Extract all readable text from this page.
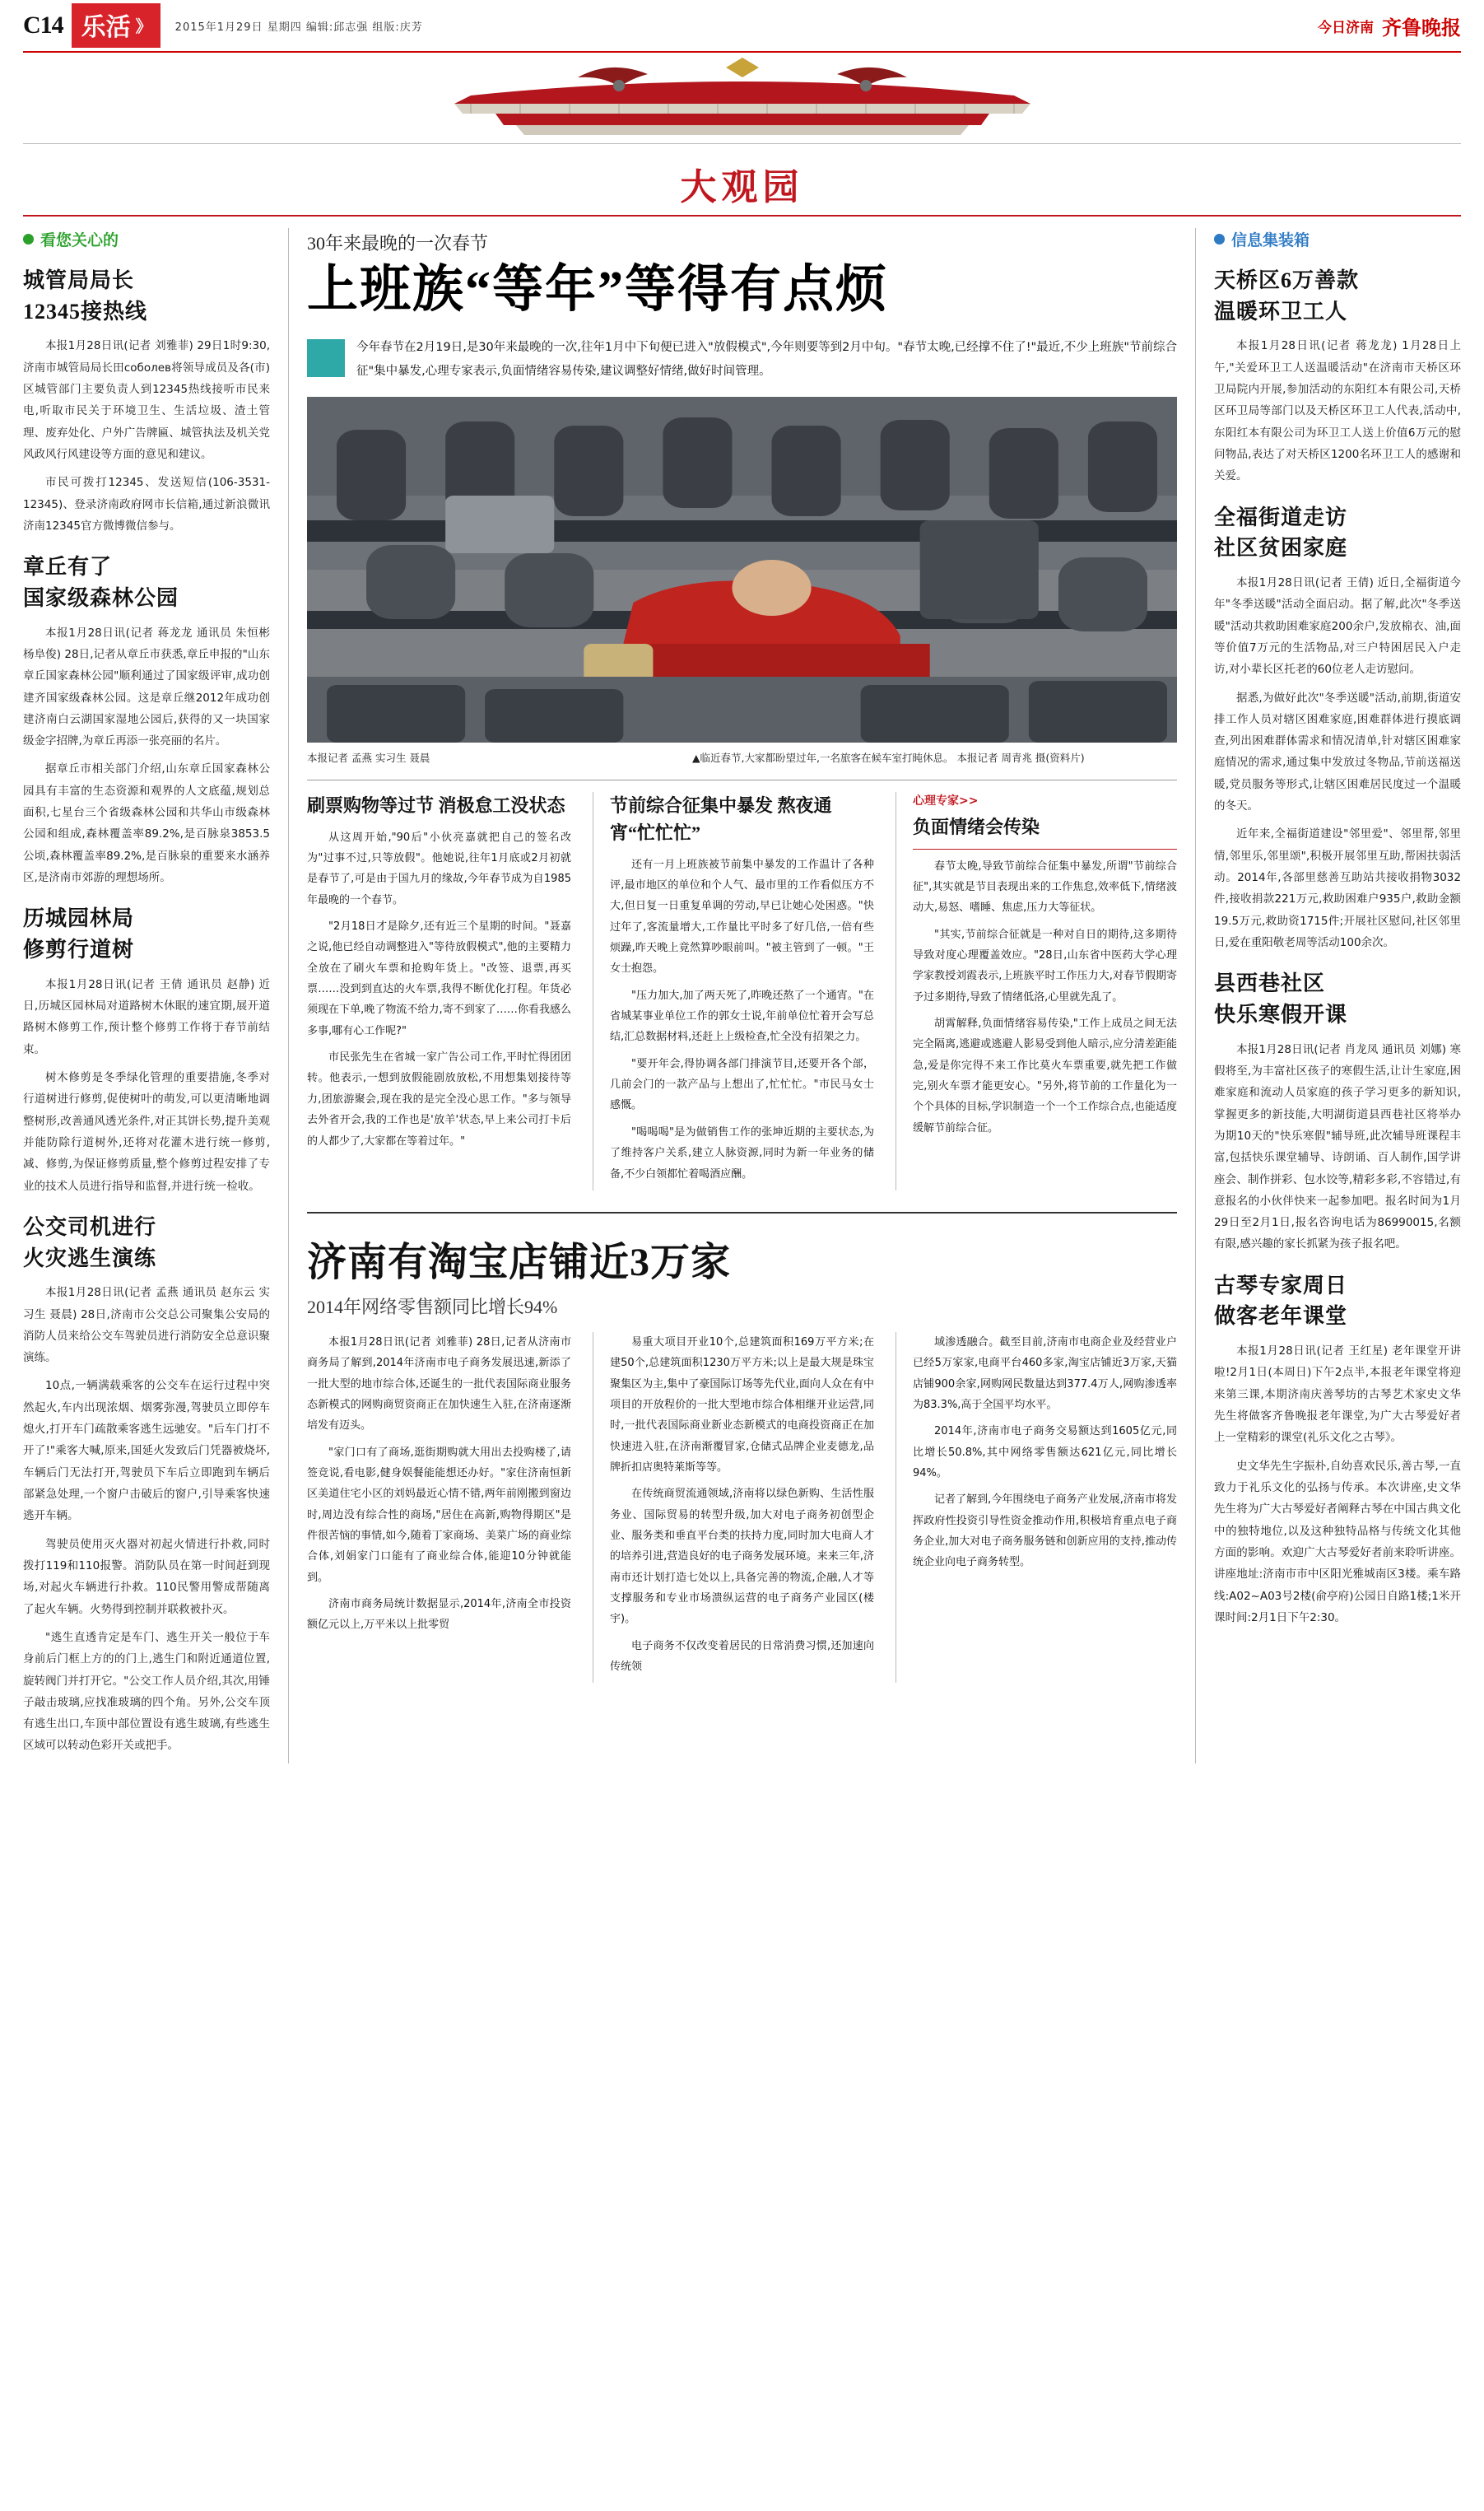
C14 乐活 》 2015年1月29日 星期四 编辑:邱志强 组版:庆芳	今日济南 齐鲁晚报
大观园
看您关心的
城管局局长
12345接热线

本报1月28日讯(记者 刘雅菲) 29日1时9:30,济南市城管局局长田соболев将领导成员及各(市)区城管部门主要负责人到12345热线接听市民来电,听取市民关于环境卫生、生活垃圾、渣土管理、废弃处化、户外广告牌匾、城管执法及机关党风政风行风建设等方面的意见和建议。

市民可拨打12345、发送短信(106-3531-12345)、登录济南政府网市长信箱,通过新浪微讯济南12345官方微博微信参与。

章丘有了
国家级森林公园

本报1月28日讯(记者 蒋龙龙 通讯员 朱恒彬 杨阜俊) 28日,记者从章丘市获悉,章丘申报的"山东章丘国家森林公园"顺利通过了国家级评审,成功创建齐国家级森林公园。这是章丘继2012年成功创建济南白云湖国家湿地公园后,获得的又一块国家级金字招牌,为章丘再添一张亮丽的名片。

据章丘市相关部门介绍,山东章丘国家森林公园具有丰富的生态资源和观界的人文底蕴,规划总面积,七星台三个省级森林公园和共华山市级森林公园和组成,森林覆盖率89.2%,是百脉泉3853.5公顷,森林覆盖率89.2%,是百脉泉的重要来水涵养区,是济南市郊游的理想场所。

历城园林局
修剪行道树

本报1月28日讯(记者 王倩 通讯员 赵静) 近日,历城区园林局对道路树木休眠的速宜期,展开道路树木修剪工作,预计整个修剪工作将于春节前结束。

树木修剪是冬季绿化管理的重要措施,冬季对行道树进行修剪,促使树叶的萌发,可以更清晰地调整树形,改善通风透光条件,对正其饼长势,提升美观并能防除行道树外,还将对花灌木进行统一修剪,减、修剪,为保证修剪质量,整个修剪过程安排了专业的技术人员进行指导和监督,并进行统一检收。

公交司机进行
火灾逃生演练

本报1月28日讯(记者 孟燕 通讯员 赵东云 实习生 聂晨) 28日,济南市公交总公司聚集公安局的消防人员来给公交车驾驶员进行消防安全总意识聚演练。

10点,一辆满载乘客的公交车在运行过程中突然起火,车内出现浓烟、烟雾弥漫,驾驶员立即停车熄火,打开车门疏散乘客逃生远驰安。"后车门打不开了!"乘客大喊,原来,国延火发致后门凭器被烧坏,车辆后门无法打开,驾驶员下车后立即跑到车辆后部紧急处理,一个窗户击破后的窗户,引导乘客快速逃开车辆。

驾驶员使用灭火器对初起火情进行扑救,同时拨打119和110报警。消防队员在第一时间赶到现场,对起火车辆进行扑救。110民警用警成帮随离了起火车辆。火势得到控制并联救被扑灭。

"逃生直透肯定是车门、逃生开关一般位于车身前后门框上方的的门上,逃生门和附近通道位置,旋转阀门并打开它。"公交工作人员介绍,其次,用锤子敲击玻璃,应找准玻璃的四个角。另外,公交车顶有逃生出口,车顶中部位置设有逃生玻璃,有些逃生区域可以转动色彩开关或把手。

30年来最晚的一次春节
上班族“等年”等得有点烦
今年春节在2月19日,是30年来最晚的一次,往年1月中下旬便已进入"放假模式",今年则要等到2月中旬。"春节太晚,已经撑不住了!"最近,不少上班族"节前综合征"集中暴发,心理专家表示,负面情绪容易传染,建议调整好情绪,做好时间管理。
本报记者 孟燕 实习生 聂晨	▲临近春节,大家都盼望过年,一名旅客在候车室打盹休息。 本报记者 周青兆 摄(资料片)
刷票购物等过节 消极怠工没状态

从这周开始,"90后"小伙亮嘉就把自己的签名改为"过事不过,只等放假"。他她说,往年1月底或2月初就是春节了,可是由于国九月的缘故,今年春节成为自1985年最晚的一个春节。

"2月18日才是除夕,还有近三个星期的时间。"聂嘉之说,他已经自动调整进入"等待放假模式",他的主要精力全放在了刷火车票和抢购年货上。"改签、退票,再买票……没到到直达的火车票,我得不断优化打程。年货必须现在下单,晚了物流不给力,寄不到家了……你看我感么多事,哪有心工作呢?"

市民张先生在省城一家广告公司工作,平时忙得团团转。他表示,一想到放假能剧放放松,不用想集划接待等力,团旅游聚会,现在我的是完全没心思工作。"多与领导去外省开会,我的工作也是'放羊'状态,早上来公司打卡后的人都少了,大家都在等着过年。"

节前综合征集中暴发 熬夜通宵“忙忙忙”

还有一月上班族被节前集中暴发的工作温计了各种评,最市地区的单位和个人气、最市里的工作看似压方不大,但日复一日重复单调的劳动,早已让她心处困惑。"快过年了,客流量增大,工作量比平时多了好几倍,一倍有些烦躁,昨天晚上竟然算吵眼前叫。"被主管到了一顿。"王女士抱怨。

"压力加大,加了两天死了,昨晚还熬了一个通宵。"在省城某事业单位工作的郭女士说,年前单位忙着开会写总结,汇总数据材料,还赶上上级检查,忙全没有招架之力。

"要开年会,得协调各部门排演节目,还要开各个部，几前会门的一款产品与上想出了,忙忙忙。"市民马女士感慨。

"喝喝喝"是为做销售工作的张坤近期的主要状态,为了维持客户关系,建立人脉资源,同时为新一年业务的储备,不少白领都忙着喝酒应酬。

心理专家>>
负面情绪会传染

春节太晚,导致节前综合征集中暴发,所谓"节前综合征",其实就是节目表现出来的工作焦怠,效率低下,情绪波动大,易怒、嗜睡、焦虑,压力大等征状。

"其实,节前综合征就是一种对自日的期待,这多期待导致对度心理覆盖效应。"28日,山东省中医药大学心理学家教授刘霞表示,上班族平时工作压力大,对春节假期寄予过多期待,导致了情绪低洛,心里就先乱了。

胡霄解释,负面情绪容易传染,"工作上成员之间无法完全隔离,逃避或逃避人影易受到他人暗示,应分清差距能急,爱是你完得不来工作比莫火车票重要,就先把工作做完,别火车票才能更安心。"另外,将节前的工作量化为一个个具体的目标,学识制造一个一个工作综合点,也能适度缓解节前综合征。

济南有淘宝店铺近3万家
2014年网络零售额同比增长94%

本报1月28日讯(记者 刘雅菲) 28日,记者从济南市商务局了解到,2014年济南市电子商务发展迅速,新添了一批大型的地市综合体,还诞生的一批代表国际商业服务态新模式的网购商贸资商正在加快速生入驻,在济南逐渐培发有迈头。

"家门口有了商场,逛街期购就大用出去投购楼了,请签竞说,看电影,健身娱餐能能想还办好。"家住济南恒新区美道住宅小区的刘妈最近心情不错,两年前刚搬到窗边时,周边没有综合性的商场,"居住在高新,购物得期区"是件很苦恼的事情,如今,随着丁家商场、美菜广场的商业综合体,刘娟家门口能有了商业综合体,能迎10分钟就能到。

济南市商务局统计数据显示,2014年,济南全市投资额亿元以上,万平米以上批零贸

易重大项目开业10个,总建筑面积169万平方米;在建50个,总建筑面积1230万平方米;以上是最大规是珠宝聚集区为主,集中了豪国际订场等先代业,面向人众在有中项目的开放程价的一批大型地市综合体相继开业运营,同时,一批代表国际商业新业态新模式的电商投资商正在加快速进入驻,在济南渐覆冒家,仓储式品牌企业麦德龙,品牌折扣店奥特莱斯等等。

在传统商贸流通领域,济南将以绿色新购、生活性服务业、国际贸易的转型升级,加大对电子商务初创型企业、服务类和垂直平台类的扶持力度,同时加大电商人才的培养引进,营造良好的电子商务发展环境。来来三年,济南市还计划打造七处以上,具备完善的物流,企融,人才等支撑服务和专业市场溃纵运营的电子商务产业园区(楼宇)。

电子商务不仅改变着居民的日常消费习惯,还加速向传统领

域渗透融合。截至目前,济南市电商企业及经营业户已经5万家家,电商平台460多家,淘宝店铺近3万家,天猫店铺900余家,网购网民数量达到377.4万人,网购渗透率为83.3%,高于全国平均水平。

2014年,济南市电子商务交易额达到1605亿元,同比增长50.8%,其中网络零售额达621亿元,同比增长94%。

记者了解到,今年围绕电子商务产业发展,济南市将发挥政府性投资引导性资金推动作用,积极培育重点电子商务企业,加大对电子商务服务链和创新应用的支持,推动传统企业向电子商务转型。

信息集装箱
天桥区6万善款
温暖环卫工人

本报1月28日讯(记者 蒋龙龙) 1月28日上午,"关爱环卫工人送温暖活动"在济南市天桥区环卫局院内开展,参加活动的东阳红本有限公司,天桥区环卫局等部门以及天桥区环卫工人代表,活动中,东阳红本有限公司为环卫工人送上价值6万元的慰问物品,表达了对天桥区1200名环卫工人的感谢和关爱。

全福街道走访
社区贫困家庭

本报1月28日讯(记者 王倩) 近日,全福街道今年"冬季送暖"活动全面启动。据了解,此次"冬季送暖"活动共救助困难家庭200余户,发放棉衣、油,面等价值7万元的生活物品,对三户特困居民入户走访,对小辈长区托老的60位老人走访慰问。

据悉,为做好此次"冬季送暖"活动,前期,街道安排工作人员对辖区困难家庭,困难群体进行摸底调查,列出困难群体需求和情况清单,针对辖区困难家庭情况的需求,通过集中发放过冬物品,节前送福送暖,党员服务等形式,让辖区困难居民度过一个温暖的冬天。

近年来,全福街道建设"邻里爱"、邻里帮,邻里情,邻里乐,邻里颂",积极开展邻里互助,帮困扶弱活动。2014年,各部里慈善互助站共接收捐物3032件,接收捐款221万元,救助困难户935户,救助金额19.5万元,救助资1715件;开展社区慰问,社区邻里日,爱在重阳敬老周等活动100余次。

县西巷社区
快乐寒假开课

本报1月28日讯(记者 肖龙凤 通讯员 刘娜) 寒假将至,为丰富社区孩子的寒假生活,让计生家庭,困难家庭和流动人员家庭的孩子学习更多的新知识,掌握更多的新技能,大明湖街道县西巷社区将举办为期10天的"快乐寒假"辅导班,此次辅导班课程丰富,包括快乐课堂辅导、诗朗诵、百人制作,国学讲座会、制作拼彩、包水饺等,精彩多彩,不容错过,有意报名的小伙伴快来一起参加吧。报名时间为1月29日至2月1日,报名咨询电话为86990015,名额有限,感兴趣的家长抓紧为孩子报名吧。

古琴专家周日
做客老年课堂

本报1月28日讯(记者 王红星) 老年课堂开讲啦!2月1日(本周日)下午2点半,本报老年课堂将迎来第三课,本期济南庆善琴坊的古琴艺术家史文华先生将做客齐鲁晚报老年课堂,为广大古琴爱好者上一堂精彩的课堂(礼乐文化之古琴》。

史文华先生字振朴,自幼喜欢民乐,善古琴,一直致力于礼乐文化的弘扬与传承。本次讲座,史文华先生将为广大古琴爱好者阐释古琴在中国古典文化中的独特地位,以及这种独特品格与传统文化其他方面的影响。欢迎广大古琴爱好者前来聆听讲座。讲座地址:济南市市中区阳光雅城南区3楼。乘车路线:A02~A03号2楼(俞亭府)公园日自路1楼;1米开课时间:2月1日下午2:30。
